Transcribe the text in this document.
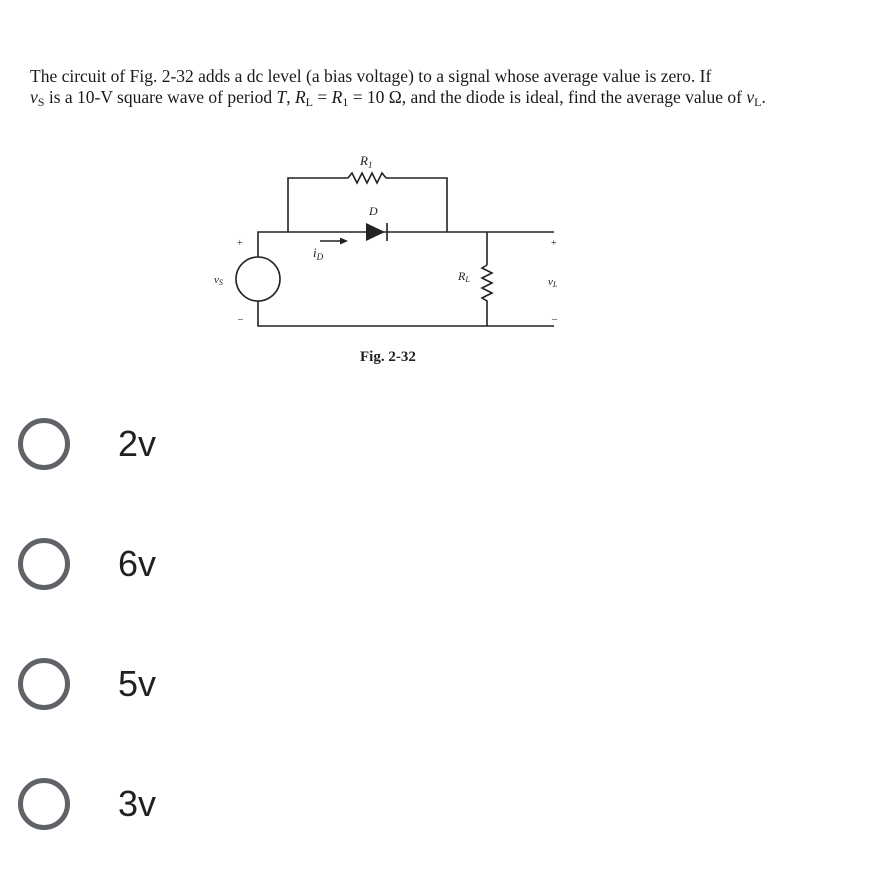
The circuit of Fig. 2-32 adds a dc level (a bias voltage) to a signal whose average value is zero. If
$v_S$ is a 10-V square wave of period T, $R_L = R_1 = 10$ Ω, and the diode is ideal, find the average value of $v_L$.

$R_1$
D
$i_D$
vS	RL	vL
+
–
+
–
Fig. 2-32
2v
6v
5v
3v
